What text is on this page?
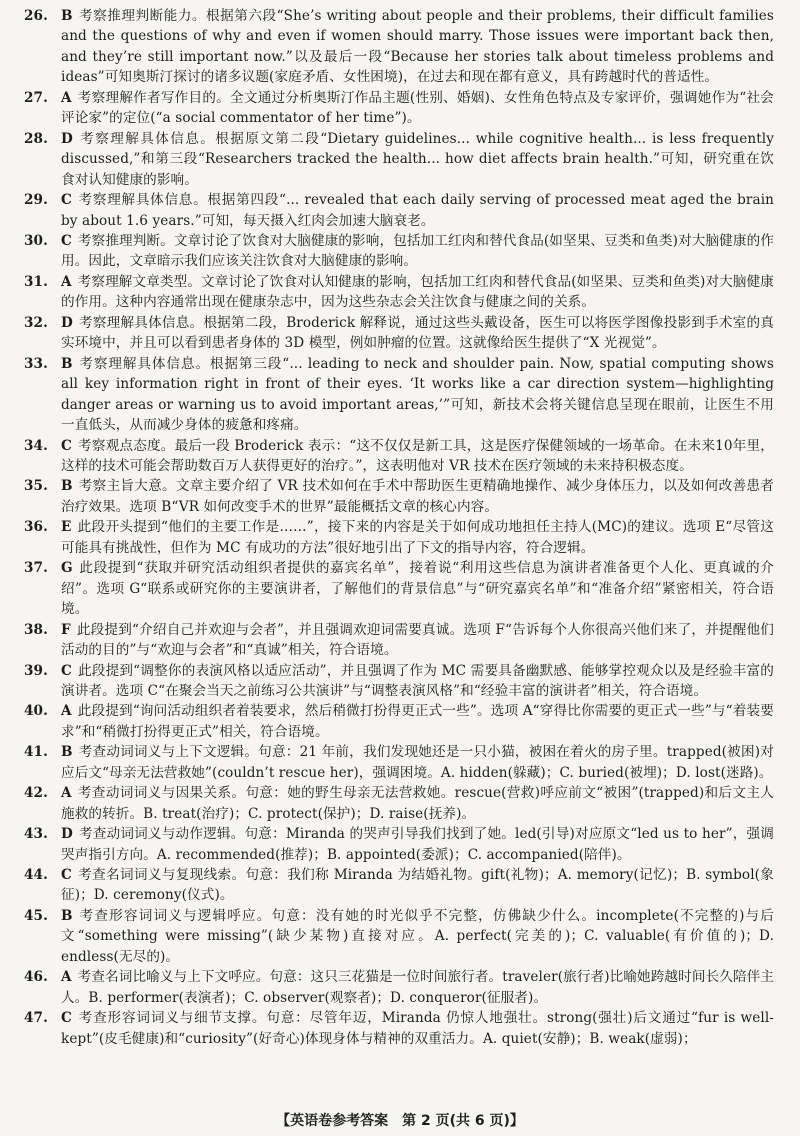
26. B 考察推理判断能力。根据第六段“She’s writing about people and their problems, their difficult families and the questions of why and even if women should marry. Those issues were important back then, and they’re still important now.”以及最后一段“Because her stories talk about timeless problems and ideas”可知奥斯汀探讨的诸多议题(家庭矛盾、女性困境)，在过去和现在都有意义，具有跨越时代的普适性。
27. A 考察理解作者写作目的。全文通过分析奥斯汀作品主题(性别、婚姻)、女性角色特点及专家评价，强调她作为“社会评论家”的定位(“a social commentator of her time”)。
28. D 考察理解具体信息。根据原文第二段“Dietary guidelines... while cognitive health... is less frequently discussed,”和第三段“Researchers tracked the health... how diet affects brain health.”可知，研究重在饮食对认知健康的影响。
29. C 考察理解具体信息。根据第四段“... revealed that each daily serving of processed meat aged the brain by about 1.6 years.”可知，每天摄入红肉会加速大脑衰老。
30. C 考察推理判断。文章讨论了饮食对大脑健康的影响，包括加工红肉和替代食品(如坚果、豆类和鱼类)对大脑健康的作用。因此，文章暗示我们应该关注饮食对大脑健康的影响。
31. A 考察理解文章类型。文章讨论了饮食对认知健康的影响，包括加工红肉和替代食品(如坚果、豆类和鱼类)对大脑健康的作用。这种内容通常出现在健康杂志中，因为这些杂志会关注饮食与健康之间的关系。
32. D 考察理解具体信息。根据第二段，Broderick 解释说，通过这些头戴设备，医生可以将医学图像投影到手术室的真实环境中，并且可以看到患者身体的 3D 模型，例如肿瘤的位置。这就像给医生提供了“X 光视觉”。
33. B 考察理解具体信息。根据第三段“... leading to neck and shoulder pain. Now, spatial computing shows all key information right in front of their eyes. ‘It works like a car direction system—highlighting danger areas or warning us to avoid important areas,’”可知，新技术会将关键信息呈现在眼前，让医生不用一直低头，从而减少身体的疲惫和疼痛。
34. C 考察观点态度。最后一段 Broderick 表示：“这不仅仅是新工具，这是医疗保健领域的一场革命。在未来10年里，这样的技术可能会帮助数百万人获得更好的治疗。”，这表明他对 VR 技术在医疗领域的未来持积极态度。
35. B 考察主旨大意。文章主要介绍了 VR 技术如何在手术中帮助医生更精确地操作、减少身体压力，以及如何改善患者治疗效果。选项 B“VR 如何改变手术的世界”最能概括文章的核心内容。
36. E 此段开头提到“他们的主要工作是……”，接下来的内容是关于如何成功地担任主持人(MC)的建议。选项 E“尽管这可能具有挑战性，但作为 MC 有成功的方法”很好地引出了下文的指导内容，符合逻辑。
37. G 此段提到“获取并研究活动组织者提供的嘉宾名单”，接着说“利用这些信息为演讲者准备更个人化、更真诚的介绍”。选项 G“联系或研究你的主要演讲者，了解他们的背景信息”与“研究嘉宾名单”和“准备介绍”紧密相关，符合语境。
38. F 此段提到“介绍自己并欢迎与会者”，并且强调欢迎词需要真诚。选项 F“告诉每个人你很高兴他们来了，并提醒他们活动的目的”与“欢迎与会者”和“真诚”相关，符合语境。
39. C 此段提到“调整你的表演风格以适应活动”，并且强调了作为 MC 需要具备幽默感、能够掌控观众以及是经验丰富的演讲者。选项 C“在聚会当天之前练习公共演讲”与“调整表演风格”和“经验丰富的演讲者”相关，符合语境。
40. A 此段提到“询问活动组织者着装要求，然后稍微打扮得更正式一些”。选项 A“穿得比你需要的更正式一些”与“着装要求”和“稍微打扮得更正式”相关，符合语境。
41. B 考查动词词义与上下文逻辑。句意：21 年前，我们发现她还是一只小猫，被困在着火的房子里。trapped(被困)对应后文“母亲无法营救她”(couldn’t rescue her)，强调困境。A. hidden(躲藏)；C. buried(被埋)；D. lost(迷路)。
42. A 考查动词词义与因果关系。句意：她的野生母亲无法营救她。rescue(营救)呼应前文“被困”(trapped)和后文主人施救的转折。B. treat(治疗)；C. protect(保护)；D. raise(抚养)。
43. D 考查动词词义与动作逻辑。句意：Miranda 的哭声引导我们找到了她。led(引导)对应原文“led us to her”，强调哭声指引方向。A. recommended(推荐)；B. appointed(委派)；C. accompanied(陪伴)。
44. C 考查名词词义与复现线索。句意：我们称 Miranda 为结婚礼物。gift(礼物)；A. memory(记忆)；B. symbol(象征)；D. ceremony(仪式)。
45. B 考查形容词词义与逻辑呼应。句意：没有她的时光似乎不完整，仿佛缺少什么。incomplete(不完整的)与后文“something were missing”(缺少某物)直接对应。A. perfect(完美的)；C. valuable(有价值的)；D. endless(无尽的)。
46. A 考查名词比喻义与上下文呼应。句意：这只三花猫是一位时间旅行者。traveler(旅行者)比喻她跨越时间长久陪伴主人。B. performer(表演者)；C. observer(观察者)；D. conqueror(征服者)。
47. C 考查形容词词义与细节支撑。句意：尽管年迈，Miranda 仍惊人地强壮。strong(强壮)后文通过“fur is well-kept”(皮毛健康)和“curiosity”(好奇心)体现身体与精神的双重活力。A. quiet(安静)；B. weak(虚弱)；
【英语卷参考答案　第 2 页(共 6 页)】
